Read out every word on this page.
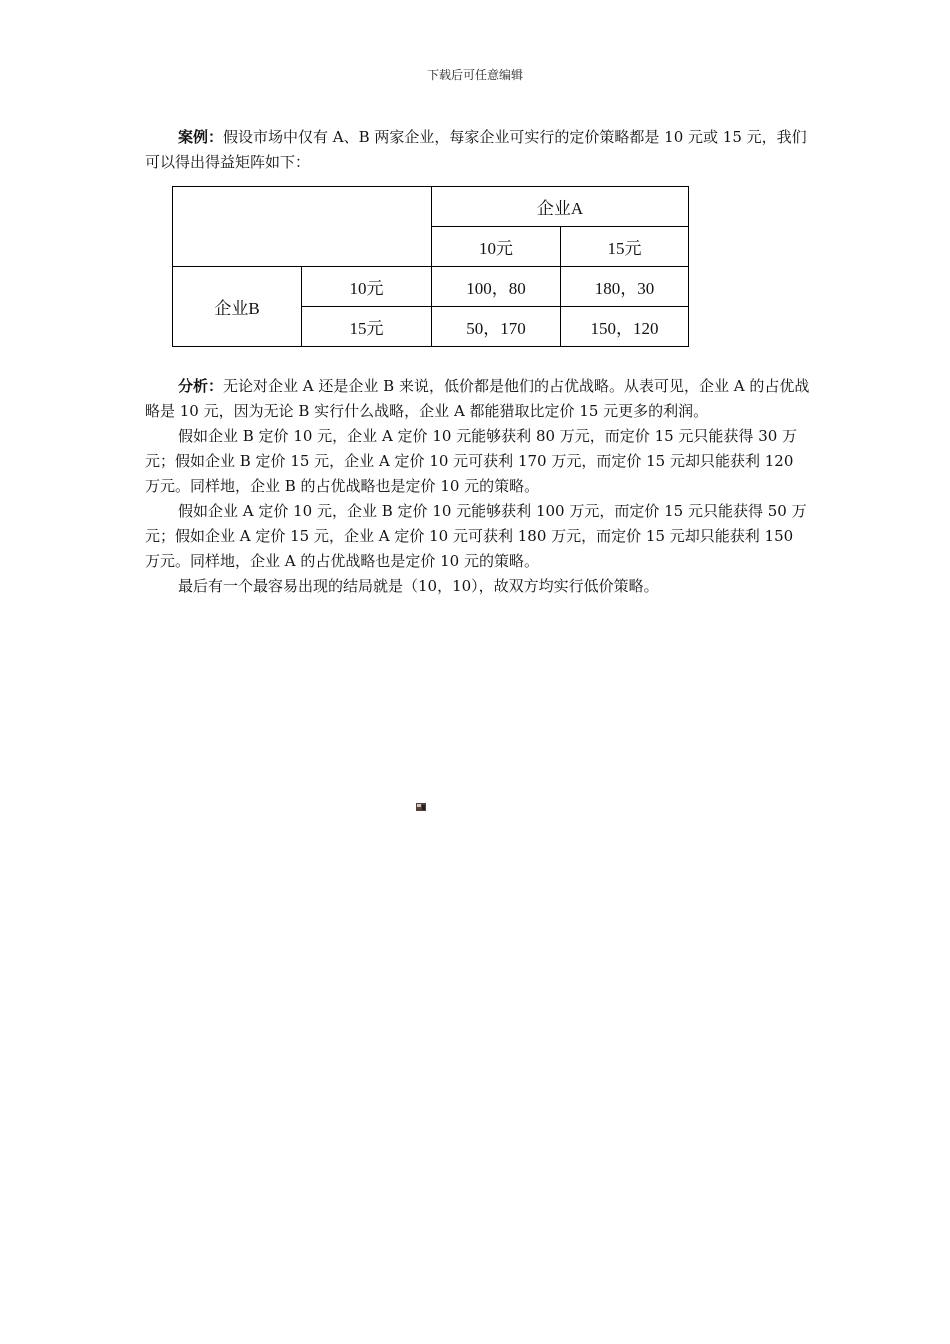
下载后可任意编辑

案例：假设市场中仅有 A、B 两家企业，每家企业可实行的定价策略都是 10 元或 15 元，我们可以得出得益矩阵如下：

		企业A	
		10元	15元
企业B	10元	100，80	180，30
	15元	50，170	150，120

分析：无论对企业 A 还是企业 B 来说，低价都是他们的占优战略。从表可见，企业 A 的占优战略是 10 元，因为无论 B 实行什么战略，企业 A 都能猎取比定价 15 元更多的利润。

假如企业 B 定价 10 元，企业 A 定价 10 元能够获利 80 万元，而定价 15 元只能获得 30 万元；假如企业 B 定价 15 元，企业 A 定价 10 元可获利 170 万元，而定价 15 元却只能获利 120 万元。同样地，企业 B 的占优战略也是定价 10 元的策略。

假如企业 A 定价 10 元，企业 B 定价 10 元能够获利 100 万元，而定价 15 元只能获得 50 万元；假如企业 A 定价 15 元，企业 A 定价 10 元可获利 180 万元，而定价 15 元却只能获利 150 万元。同样地，企业 A 的占优战略也是定价 10 元的策略。

最后有一个最容易出现的结局就是（10，10），故双方均实行低价策略。
